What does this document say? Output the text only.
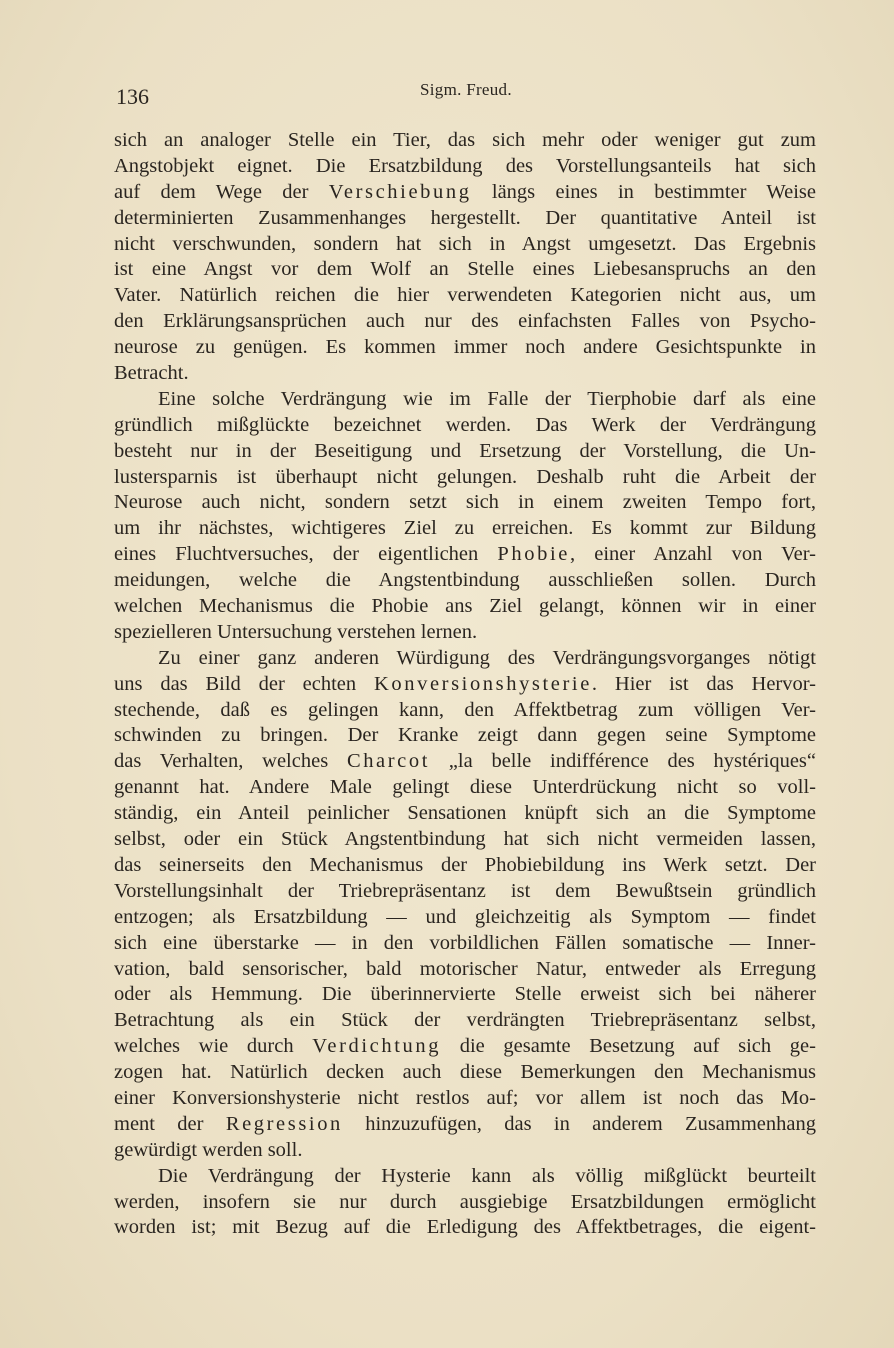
136	Sigm. Freud.
sich an analoger Stelle ein Tier, das sich mehr oder weniger gut zum
Angstobjekt eignet. Die Ersatzbildung des Vorstellungsanteils hat sich
auf dem Wege der Verschiebung längs eines in bestimmter Weise
determinierten Zusammenhanges hergestellt. Der quantitative Anteil ist
nicht verschwunden, sondern hat sich in Angst umgesetzt. Das Ergebnis
ist eine Angst vor dem Wolf an Stelle eines Liebesanspruchs an den
Vater. Natürlich reichen die hier verwendeten Kategorien nicht aus, um
den Erklärungsansprüchen auch nur des einfachsten Falles von Psycho-
neurose zu genügen. Es kommen immer noch andere Gesichtspunkte in
Betracht.
Eine solche Verdrängung wie im Falle der Tierphobie darf als eine
gründlich mißglückte bezeichnet werden. Das Werk der Verdrängung
besteht nur in der Beseitigung und Ersetzung der Vorstellung, die Un-
lustersparnis ist überhaupt nicht gelungen. Deshalb ruht die Arbeit der
Neurose auch nicht, sondern setzt sich in einem zweiten Tempo fort,
um ihr nächstes, wichtigeres Ziel zu erreichen. Es kommt zur Bildung
eines Fluchtversuches, der eigentlichen Phobie, einer Anzahl von Ver-
meidungen, welche die Angstentbindung ausschließen sollen. Durch
welchen Mechanismus die Phobie ans Ziel gelangt, können wir in einer
spezielleren Untersuchung verstehen lernen.
Zu einer ganz anderen Würdigung des Verdrängungsvorganges nötigt
uns das Bild der echten Konversionshysterie. Hier ist das Hervor-
stechende, daß es gelingen kann, den Affektbetrag zum völligen Ver-
schwinden zu bringen. Der Kranke zeigt dann gegen seine Symptome
das Verhalten, welches Charcot „la belle indifférence des hystériques“
genannt hat. Andere Male gelingt diese Unterdrückung nicht so voll-
ständig, ein Anteil peinlicher Sensationen knüpft sich an die Symptome
selbst, oder ein Stück Angstentbindung hat sich nicht vermeiden lassen,
das seinerseits den Mechanismus der Phobiebildung ins Werk setzt. Der
Vorstellungsinhalt der Triebrepräsentanz ist dem Bewußtsein gründlich
entzogen; als Ersatzbildung — und gleichzeitig als Symptom — findet
sich eine überstarke — in den vorbildlichen Fällen somatische — Inner-
vation, bald sensorischer, bald motorischer Natur, entweder als Erregung
oder als Hemmung. Die überinnervierte Stelle erweist sich bei näherer
Betrachtung als ein Stück der verdrängten Triebrepräsentanz selbst,
welches wie durch Verdichtung die gesamte Besetzung auf sich ge-
zogen hat. Natürlich decken auch diese Bemerkungen den Mechanismus
einer Konversionshysterie nicht restlos auf; vor allem ist noch das Mo-
ment der Regression hinzuzufügen, das in anderem Zusammenhang
gewürdigt werden soll.
Die Verdrängung der Hysterie kann als völlig mißglückt beurteilt
werden, insofern sie nur durch ausgiebige Ersatzbildungen ermöglicht
worden ist; mit Bezug auf die Erledigung des Affektbetrages, die eigent-
